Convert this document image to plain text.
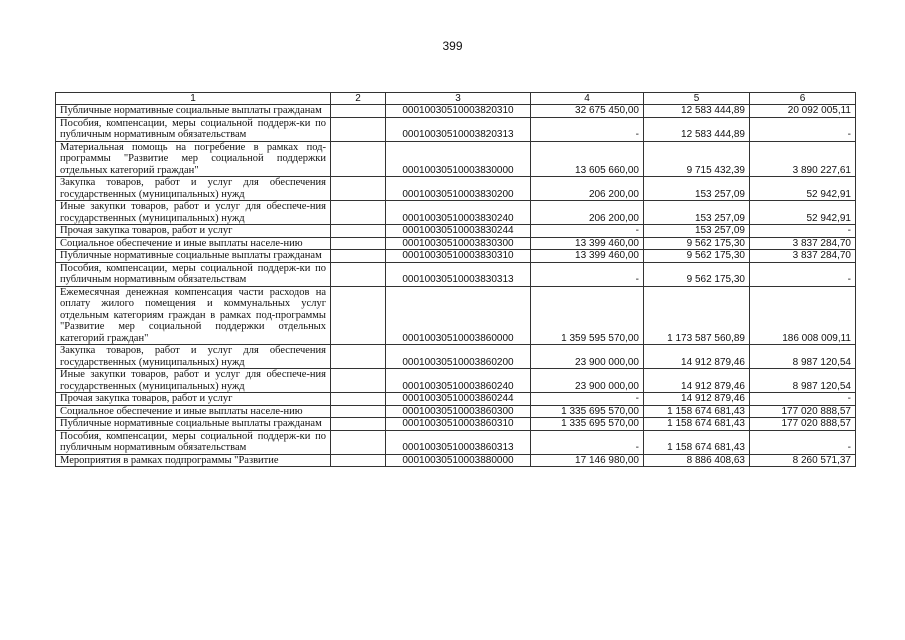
399
1	2	3	4	5	6
Публичные нормативные социальные выплаты гражданам		00010030510003820310	32 675 450,00	12 583 444,89	20 092 005,11
Пособия, компенсации, меры социальной поддерж-ки по публичным нормативным обязательствам		00010030510003820313	-	12 583 444,89	-
Материальная помощь на погребение в рамках под-программы "Развитие мер социальной поддержки отдельных категорий граждан"		00010030510003830000	13 605 660,00	9 715 432,39	3 890 227,61
Закупка товаров, работ и услуг для обеспечения государственных (муниципальных) нужд		00010030510003830200	206 200,00	153 257,09	52 942,91
Иные закупки товаров, работ и услуг для обеспече-ния государственных (муниципальных) нужд		00010030510003830240	206 200,00	153 257,09	52 942,91
Прочая закупка товаров, работ и услуг		00010030510003830244	-	153 257,09	-
Социальное обеспечение и иные выплаты населе-нию		00010030510003830300	13 399 460,00	9 562 175,30	3 837 284,70
Публичные нормативные социальные выплаты гражданам		00010030510003830310	13 399 460,00	9 562 175,30	3 837 284,70
Пособия, компенсации, меры социальной поддерж-ки по публичным нормативным обязательствам		00010030510003830313	-	9 562 175,30	-
Ежемесячная денежная компенсация части расходов на оплату жилого помещения и коммунальных услуг отдельным категориям граждан в рамках под-программы "Развитие мер социальной поддержки отдельных категорий граждан"		00010030510003860000	1 359 595 570,00	1 173 587 560,89	186 008 009,11
Закупка товаров, работ и услуг для обеспечения государственных (муниципальных) нужд		00010030510003860200	23 900 000,00	14 912 879,46	8 987 120,54
Иные закупки товаров, работ и услуг для обеспече-ния государственных (муниципальных) нужд		00010030510003860240	23 900 000,00	14 912 879,46	8 987 120,54
Прочая закупка товаров, работ и услуг		00010030510003860244	-	14 912 879,46	-
Социальное обеспечение и иные выплаты населе-нию		00010030510003860300	1 335 695 570,00	1 158 674 681,43	177 020 888,57
Публичные нормативные социальные выплаты гражданам		00010030510003860310	1 335 695 570,00	1 158 674 681,43	177 020 888,57
Пособия, компенсации, меры социальной поддерж-ки по публичным нормативным обязательствам		00010030510003860313	-	1 158 674 681,43	-
Мероприятия в рамках подпрограммы "Развитие		00010030510003880000	17 146 980,00	8 886 408,63	8 260 571,37
